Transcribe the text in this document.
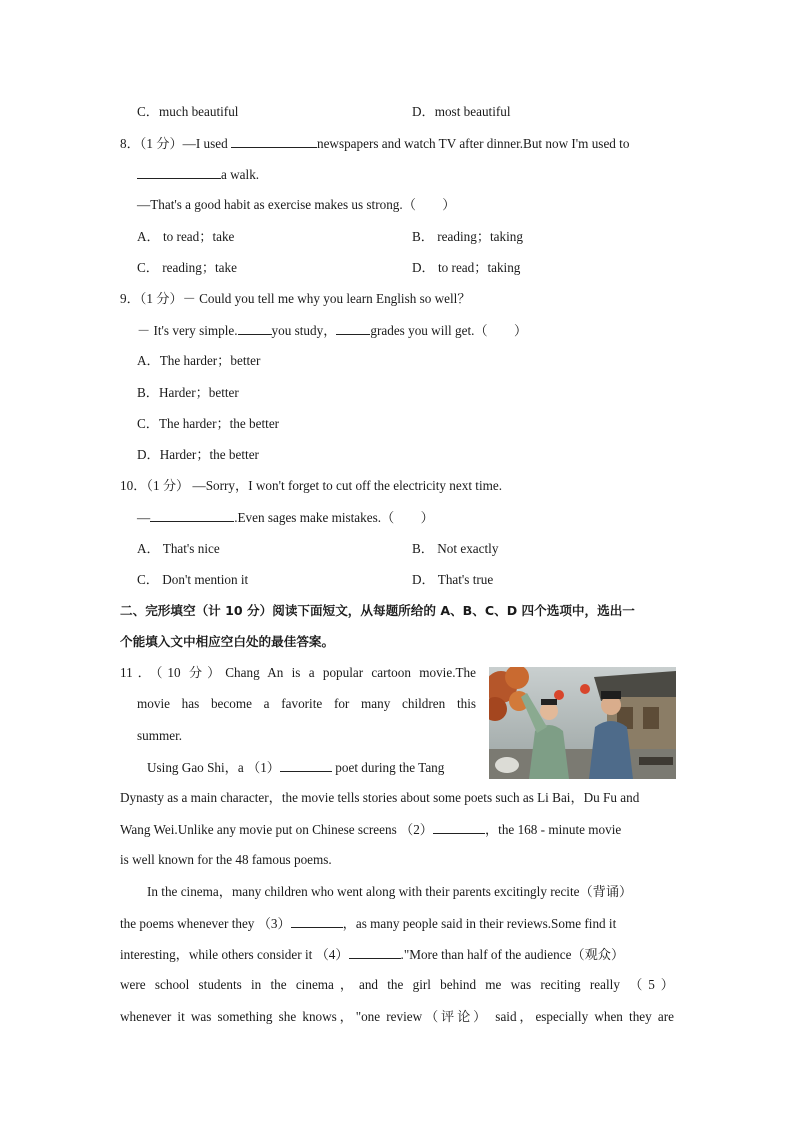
C．much beautiful	D．most beautiful
8．（1 分）—I used	newspapers and watch TV after dinner.But now I'm used to
a walk.
—That's a good habit as exercise makes us strong.（　　）
A． to read；take	B． reading；taking
C． reading；take	D． to read；taking
9．（1 分）－ Could you tell me why you learn English so well？
－ It's very simple.	you study，	grades you will get.（　　）
A．The harder；better
B．Harder；better
C．The harder；the better
D．Harder；the better
10．（1 分） —Sorry，I won't forget to cut off the electricity next time.
—	.Even sages make mistakes.（　　）
A． That's nice	B． Not exactly
C． Don't mention it	D． That's true
二、完形填空（计 10 分）阅读下面短文，从每题所给的 A、B、C、D 四个选项中，选出一
个能填入文中相应空白处的最佳答案。
11．（10 分）Chang An is a popular cartoon movie.The
movie has become a favorite for many children this
summer.
Using Gao Shi，a （1）	poet during the Tang
Dynasty as a main character，the movie tells stories about some poets such as Li Bai，Du Fu and
Wang Wei.Unlike any movie put on Chinese screens （2）	，the 168 - minute movie
is well known for the 48 famous poems.
In the cinema，many children who went along with their parents excitingly recite（背诵）
the poems whenever they （3）	，as many people said in their reviews.Some find it
interesting，while others consider it （4）	."More than half of the audience（观众）
were school students in the cinema，and the girl behind me was reciting really （5）
whenever it was something she knows，"one review（评论） said，especially when they are
